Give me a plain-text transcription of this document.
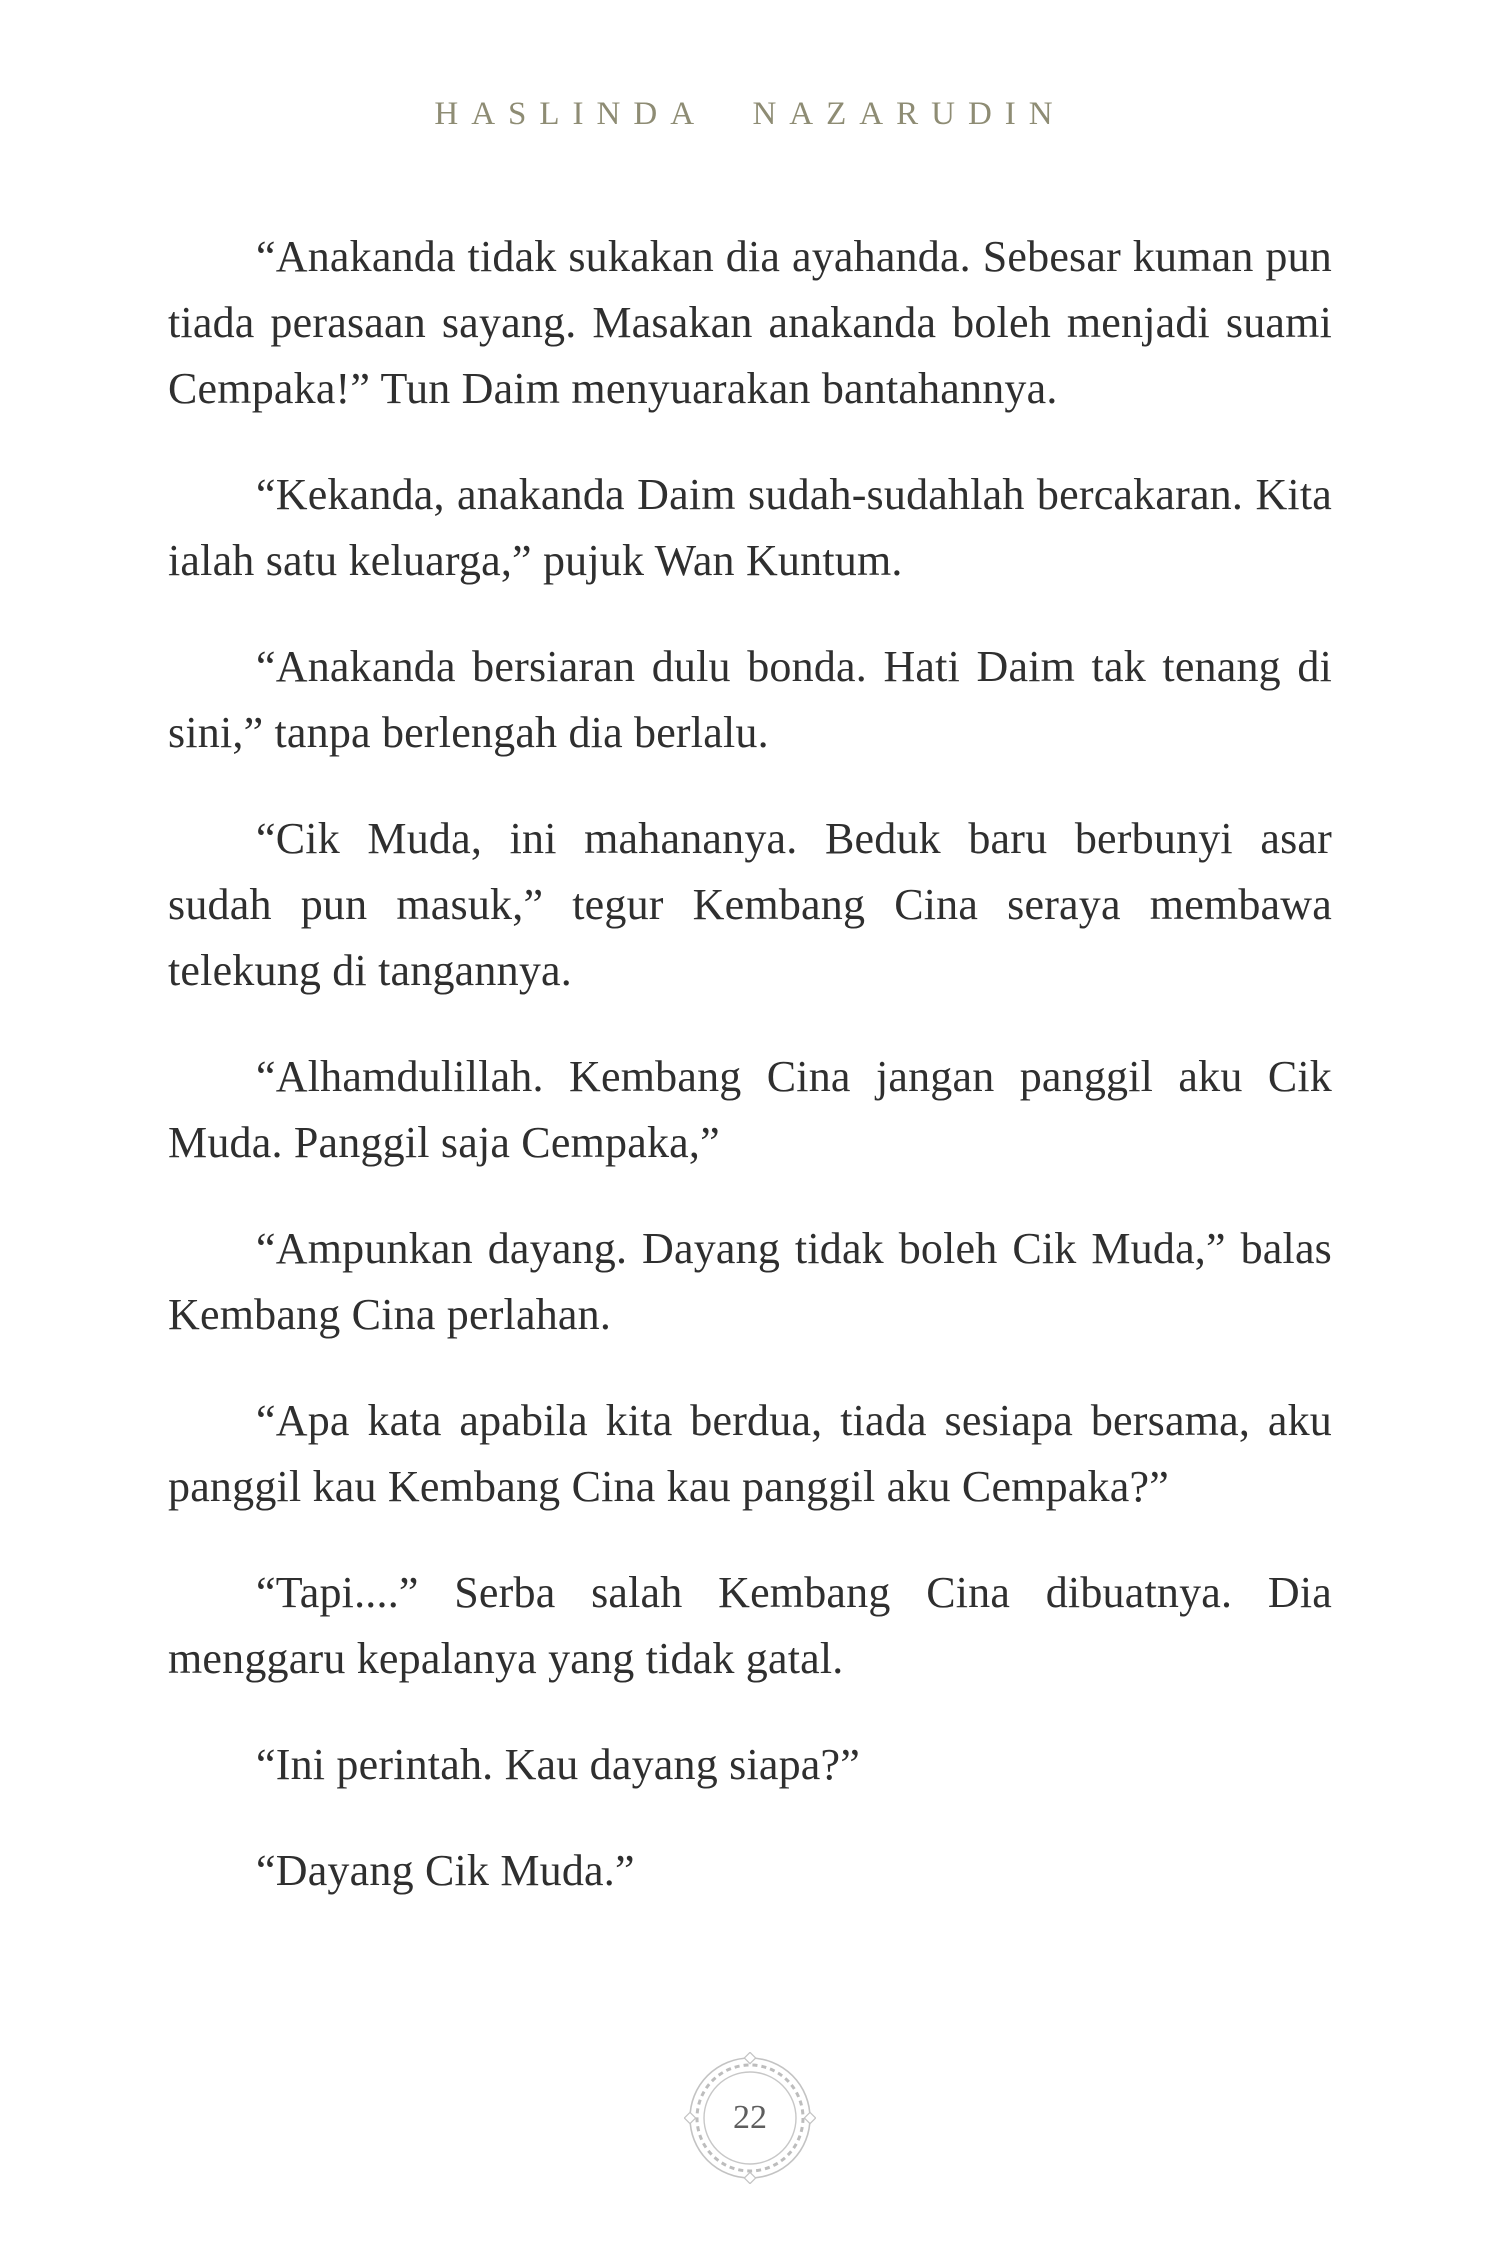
HASLINDA NAZARUDIN

“Anakanda tidak sukakan dia ayahanda. Sebesar kuman pun tiada perasaan sayang. Masakan anakanda boleh menjadi suami Cempaka!” Tun Daim menyuarakan bantahannya.

“Kekanda, anakanda Daim sudah-sudahlah bercakaran. Kita ialah satu keluarga,” pujuk Wan Kuntum.

“Anakanda bersiaran dulu bonda. Hati Daim tak tenang di sini,” tanpa berlengah dia berlalu.

“Cik Muda, ini mahananya. Beduk baru berbunyi asar sudah pun masuk,” tegur Kembang Cina seraya membawa telekung di tangannya.

“Alhamdulillah. Kembang Cina jangan panggil aku Cik Muda. Panggil saja Cempaka,”

“Ampunkan dayang. Dayang tidak boleh Cik Muda,” balas Kembang Cina perlahan.

“Apa kata apabila kita berdua, tiada sesiapa bersama, aku panggil kau Kembang Cina kau panggil aku Cempaka?”

“Tapi....” Serba salah Kembang Cina dibuatnya. Dia menggaru kepalanya yang tidak gatal.

“Ini perintah. Kau dayang siapa?”

“Dayang Cik Muda.”

22
